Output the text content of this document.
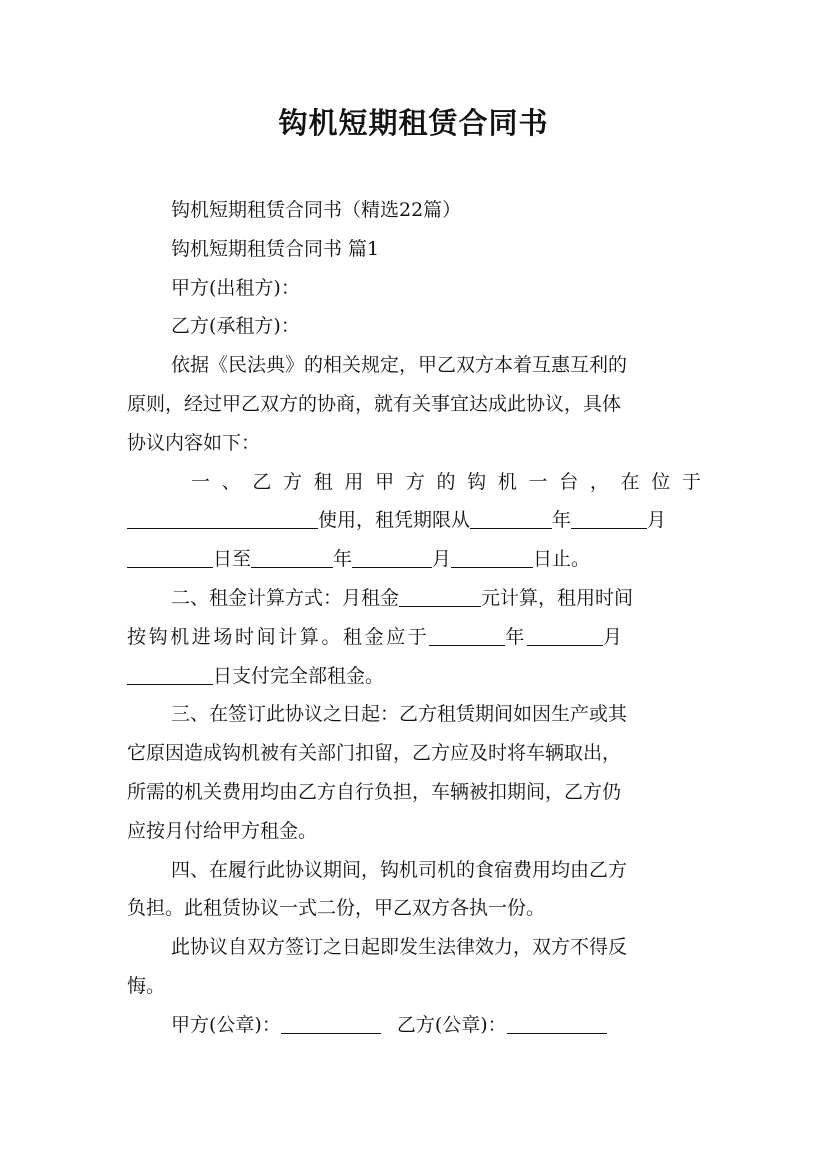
钩机短期租赁合同书

钩机短期租赁合同书（精选22篇）

钩机短期租赁合同书 篇1

甲方(出租方)：

乙方(承租方)：

依据《民法典》的相关规定，甲乙双方本着互惠互利的

原则，经过甲乙双方的协商，就有关事宜达成此协议，具体

协议内容如下：

一、乙方租用甲方的钩机一台，在位于

使用，租凭期限从	年	月

日至	年	月	日止。

二、租金计算方式：月租金	元计算，租用时间

按钩机进场时间计算。租金应于	年	月

日支付完全部租金。

三、在签订此协议之日起：乙方租赁期间如因生产或其

它原因造成钩机被有关部门扣留，乙方应及时将车辆取出，

所需的机关费用均由乙方自行负担，车辆被扣期间，乙方仍

应按月付给甲方租金。

四、在履行此协议期间，钩机司机的食宿费用均由乙方

负担。此租赁协议一式二份，甲乙双方各执一份。

此协议自双方签订之日起即发生法律效力，双方不得反

悔。

甲方(公章)：	乙方(公章)：
